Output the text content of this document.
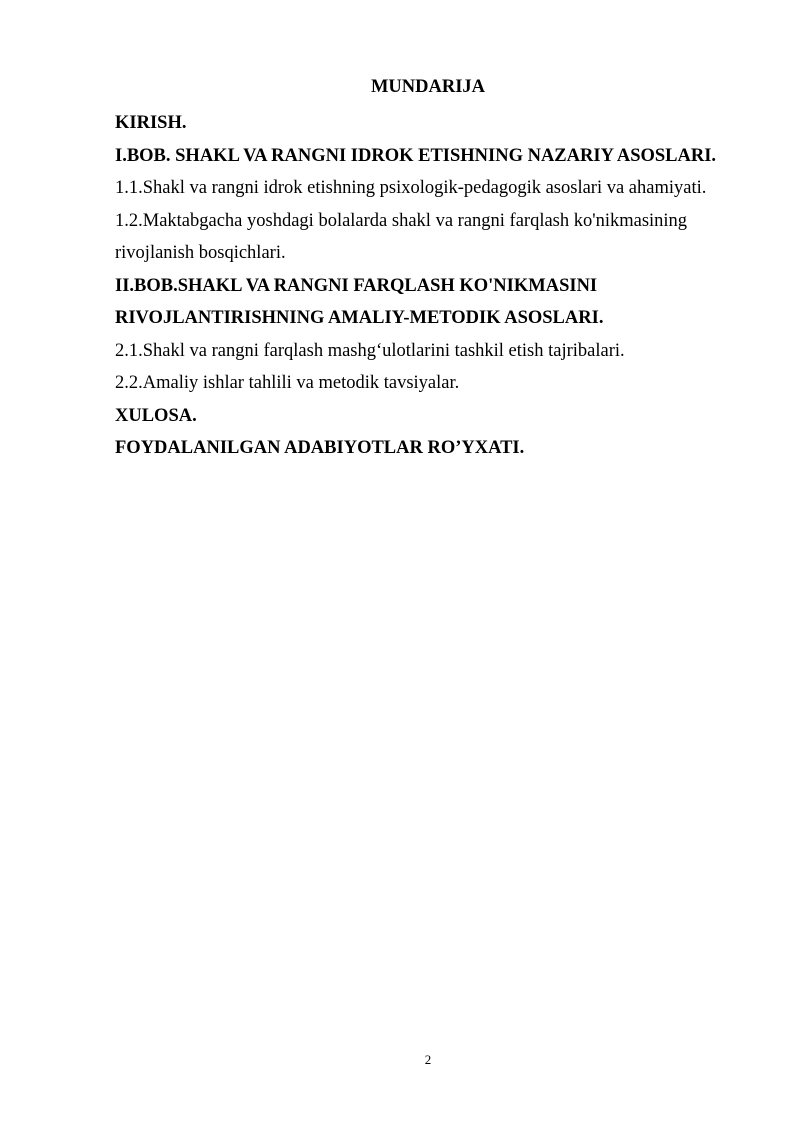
MUNDARIJA
KIRISH.
I.BOB. SHAKL VA RANGNI IDROK ETISHNING NAZARIY ASOSLARI.
1.1.Shakl va rangni idrok etishning psixologik-pedagogik asoslari va ahamiyati.
1.2.Maktabgacha yoshdagi bolalarda shakl va rangni farqlash ko'nikmasining
rivojlanish bosqichlari.
II.BOB.SHAKL VA RANGNI FARQLASH KO'NIKMASINI
RIVOJLANTIRISHNING AMALIY-METODIK ASOSLARI.
2.1.Shakl va rangni farqlash mashg‘ulotlarini tashkil etish tajribalari.
2.2.Amaliy ishlar tahlili va metodik tavsiyalar.
XULOSA.
FOYDALANILGAN ADABIYOTLAR RO’YXATI.
2
